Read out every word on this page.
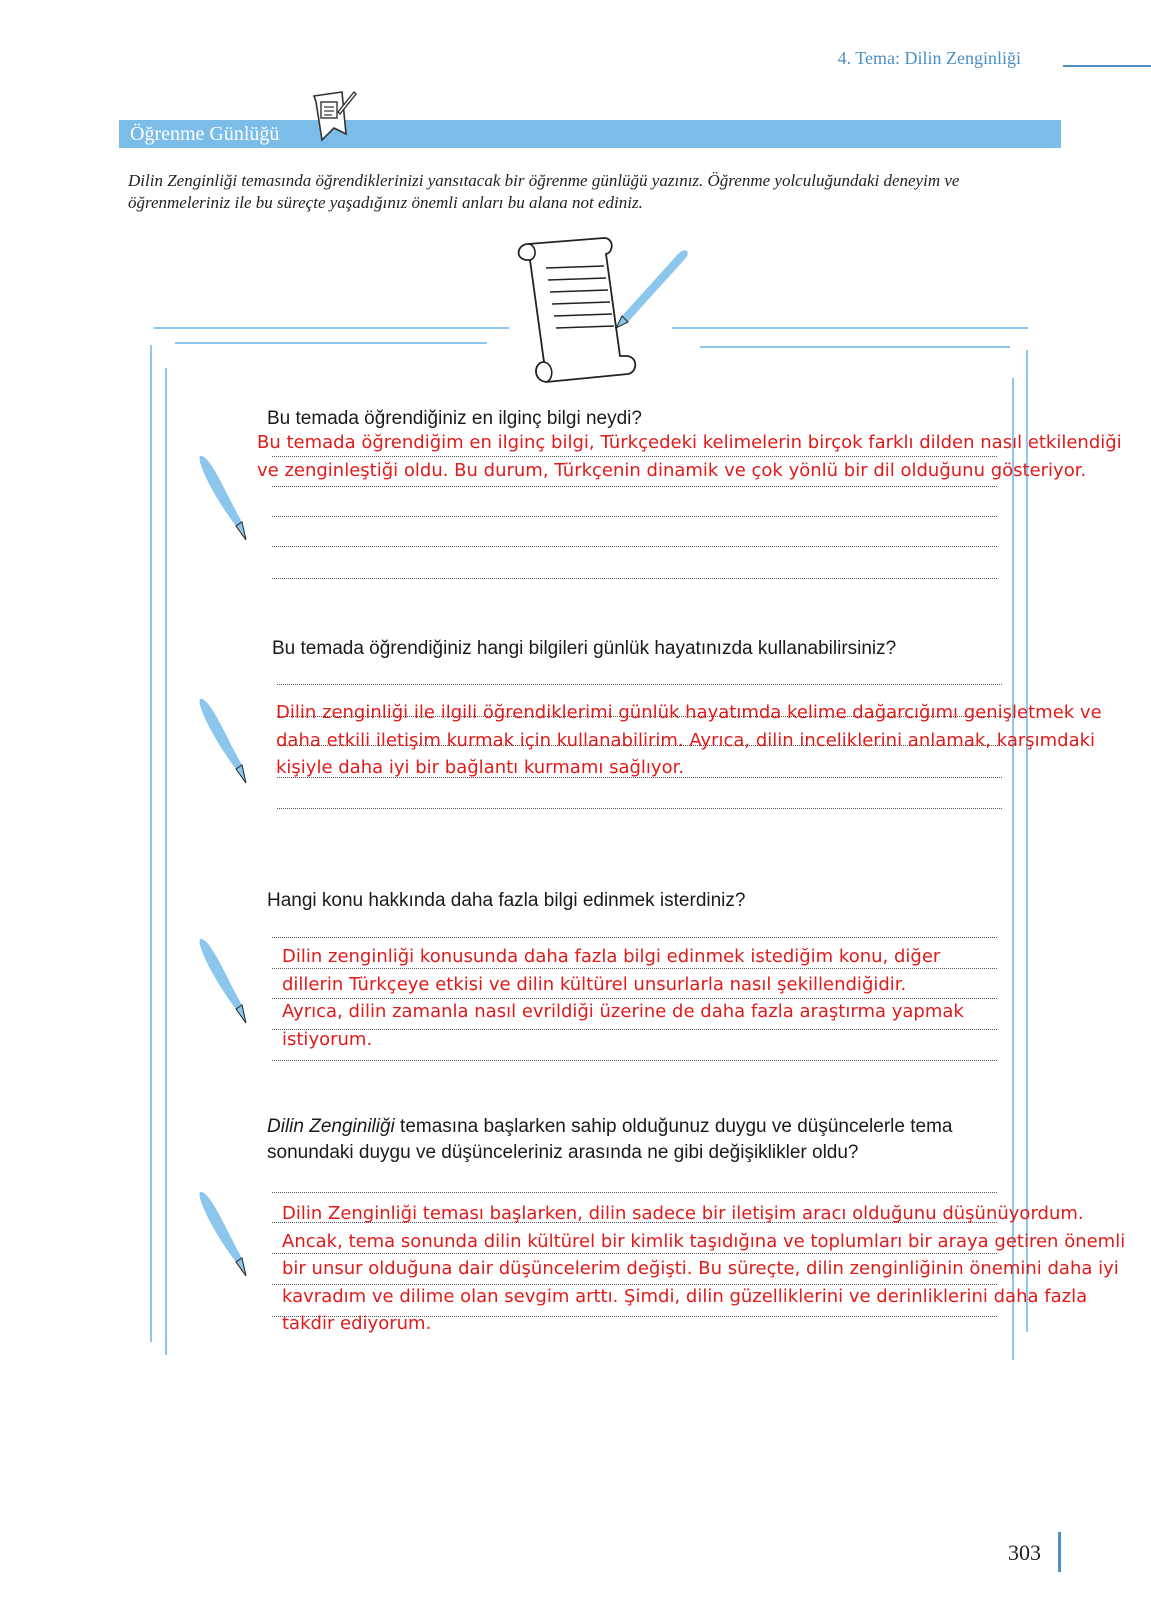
4. Tema: Dilin Zenginliği
Öğrenme Günlüğü
Dilin Zenginliği temasında öğrendiklerinizi yansıtacak bir öğrenme günlüğü yazınız. Öğrenme yolculuğundaki deneyim ve öğrenmeleriniz ile bu süreçte yaşadığınız önemli anları bu alana not ediniz.
Bu temada öğrendiğiniz en ilginç bilgi neydi?
Bu temada öğrendiğim en ilginç bilgi, Türkçedeki kelimelerin birçok farklı dilden nasıl etkilendiği ve zenginleştiği oldu. Bu durum, Türkçenin dinamik ve çok yönlü bir dil olduğunu gösteriyor.
Bu temada öğrendiğiniz hangi bilgileri günlük hayatınızda kullanabilirsiniz?
Dilin zenginliği ile ilgili öğrendiklerimi günlük hayatımda kelime dağarcığımı genişletmek ve daha etkili iletişim kurmak için kullanabilirim. Ayrıca, dilin inceliklerini anlamak, karşımdaki kişiyle daha iyi bir bağlantı kurmamı sağlıyor.
Hangi konu hakkında daha fazla bilgi edinmek isterdiniz?
Dilin zenginliği konusunda daha fazla bilgi edinmek istediğim konu, diğer dillerin Türkçeye etkisi ve dilin kültürel unsurlarla nasıl şekillendiğidir. Ayrıca, dilin zamanla nasıl evrildiği üzerine de daha fazla araştırma yapmak istiyorum.
Dilin Zenginiliği temasına başlarken sahip olduğunuz duygu ve düşüncelerle tema sonundaki duygu ve düşünceleriniz arasında ne gibi değişiklikler oldu?
Dilin Zenginliği teması başlarken, dilin sadece bir iletişim aracı olduğunu düşünüyordum. Ancak, tema sonunda dilin kültürel bir kimlik taşıdığına ve toplumları bir araya getiren önemli bir unsur olduğuna dair düşüncelerim değişti. Bu süreçte, dilin zenginliğinin önemini daha iyi kavradım ve dilime olan sevgim arttı. Şimdi, dilin güzelliklerini ve derinliklerini daha fazla takdir ediyorum.
303
